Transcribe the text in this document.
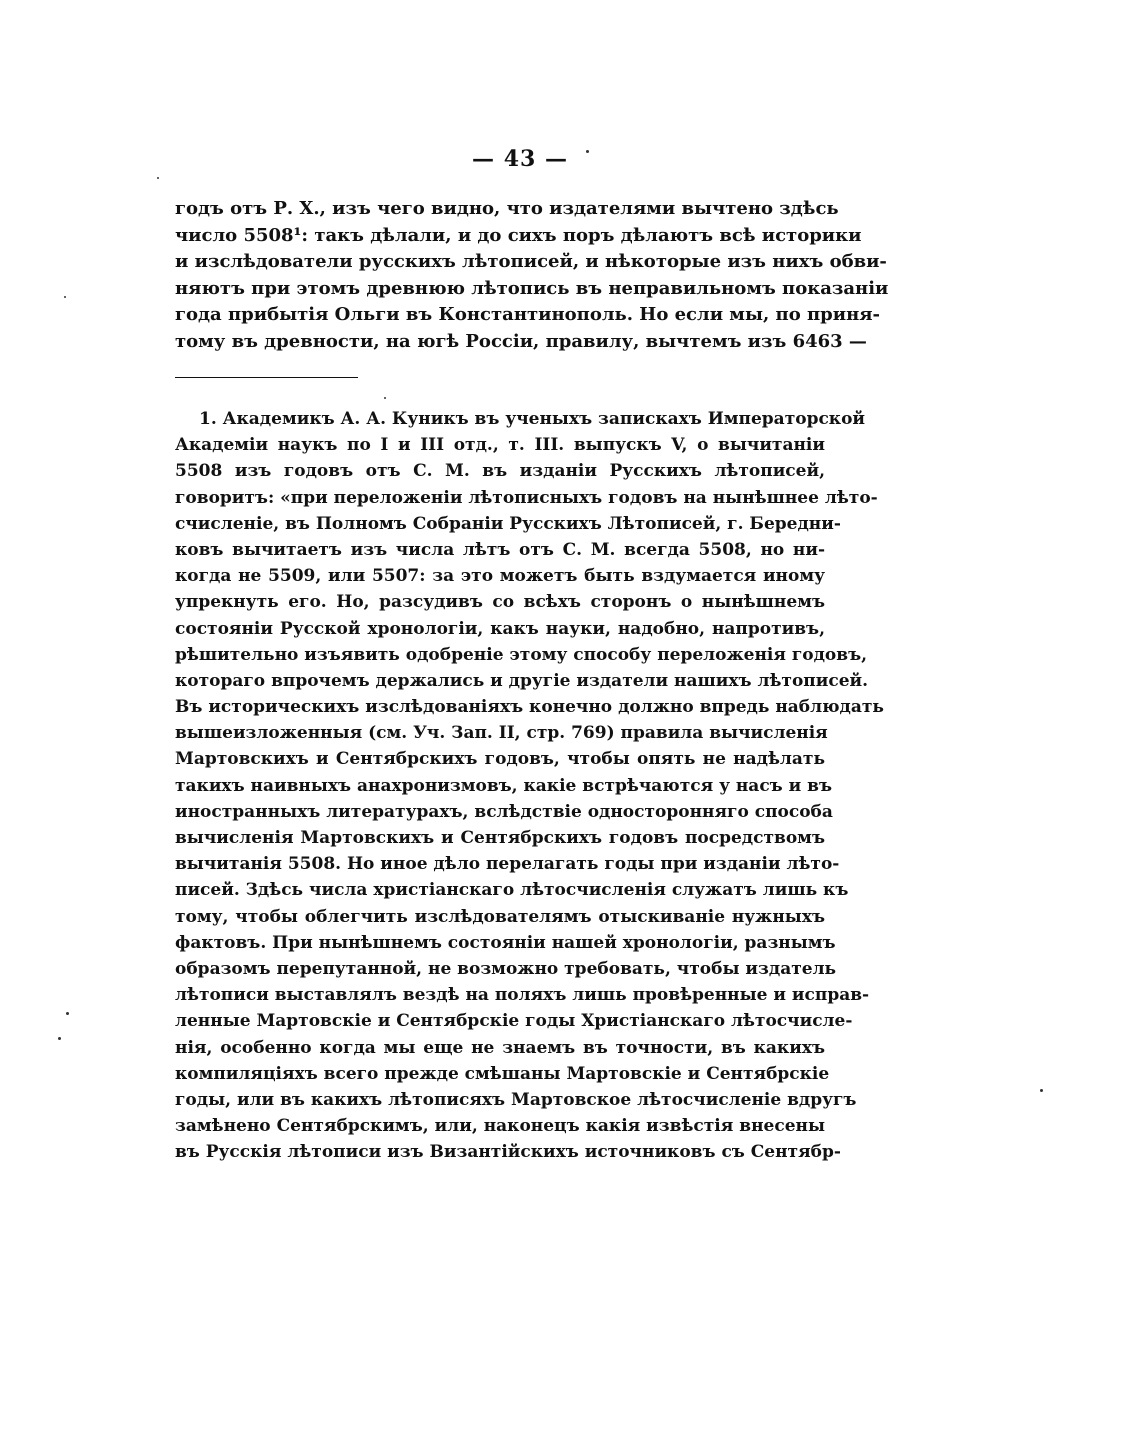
— 43 —
годъ отъ Р. Х., изъ чего видно, что издателями вычтено здѣсь
число 5508¹: такъ дѣлали, и до сихъ поръ дѣлаютъ всѣ историки
и изслѣдователи русскихъ лѣтописей, и нѣкоторые изъ нихъ обви-
няютъ при этомъ древнюю лѣтопись въ неправильномъ показаніи
года прибытія Ольги въ Константинополь. Но если мы, по приня-
тому въ древности, на югѣ Россіи, правилу, вычтемъ изъ 6463 —
1. Академикъ А. А. Куникъ въ ученыхъ запискахъ Императорской
Академіи наукъ по I и III отд., т. III. выпускъ V, о вычитаніи
5508 изъ годовъ отъ С. М. въ изданіи Русскихъ лѣтописей,
говоритъ: «при переложеніи лѣтописныхъ годовъ на нынѣшнее лѣто-
счисленіе, въ Полномъ Собраніи Русскихъ Лѣтописей, г. Бередни-
ковъ вычитаетъ изъ числа лѣтъ отъ С. М. всегда 5508, но ни-
когда не 5509, или 5507: за это можетъ быть вздумается иному
упрекнуть его. Но, разсудивъ со всѣхъ сторонъ о нынѣшнемъ
состояніи Русской хронологіи, какъ науки, надобно, напротивъ,
рѣшительно изъявить одобреніе этому способу переложенія годовъ,
котораго впрочемъ держались и другіе издатели нашихъ лѣтописей.
Въ историческихъ изслѣдованіяхъ конечно должно впредь наблюдать
вышеизложенныя (см. Уч. Зап. II, стр. 769) правила вычисленія
Мартовскихъ и Сентябрскихъ годовъ, чтобы опять не надѣлать
такихъ наивныхъ анахронизмовъ, какіе встрѣчаются у насъ и въ
иностранныхъ литературахъ, вслѣдствіе односторонняго способа
вычисленія Мартовскихъ и Сентябрскихъ годовъ посредствомъ
вычитанія 5508. Но иное дѣло перелагать годы при изданіи лѣто-
писей. Здѣсь числа христіанскаго лѣтосчисленія служатъ лишь къ
тому, чтобы облегчить изслѣдователямъ отыскиваніе нужныхъ
фактовъ. При нынѣшнемъ состояніи нашей хронологіи, разнымъ
образомъ перепутанной, не возможно требовать, чтобы издатель
лѣтописи выставлялъ вездѣ на поляхъ лишь провѣренные и исправ-
ленные Мартовскіе и Сентябрскіе годы Христіанскаго лѣтосчисле-
нія, особенно когда мы еще не знаемъ въ точности, въ какихъ
компиляціяхъ всего прежде смѣшаны Мартовскіе и Сентябрскіе
годы, или въ какихъ лѣтописяхъ Мартовское лѣтосчисленіе вдругъ
замѣнено Сентябрскимъ, или, наконецъ какія извѣстія внесены
въ Русскія лѣтописи изъ Византійскихъ источниковъ съ Сентябр-
